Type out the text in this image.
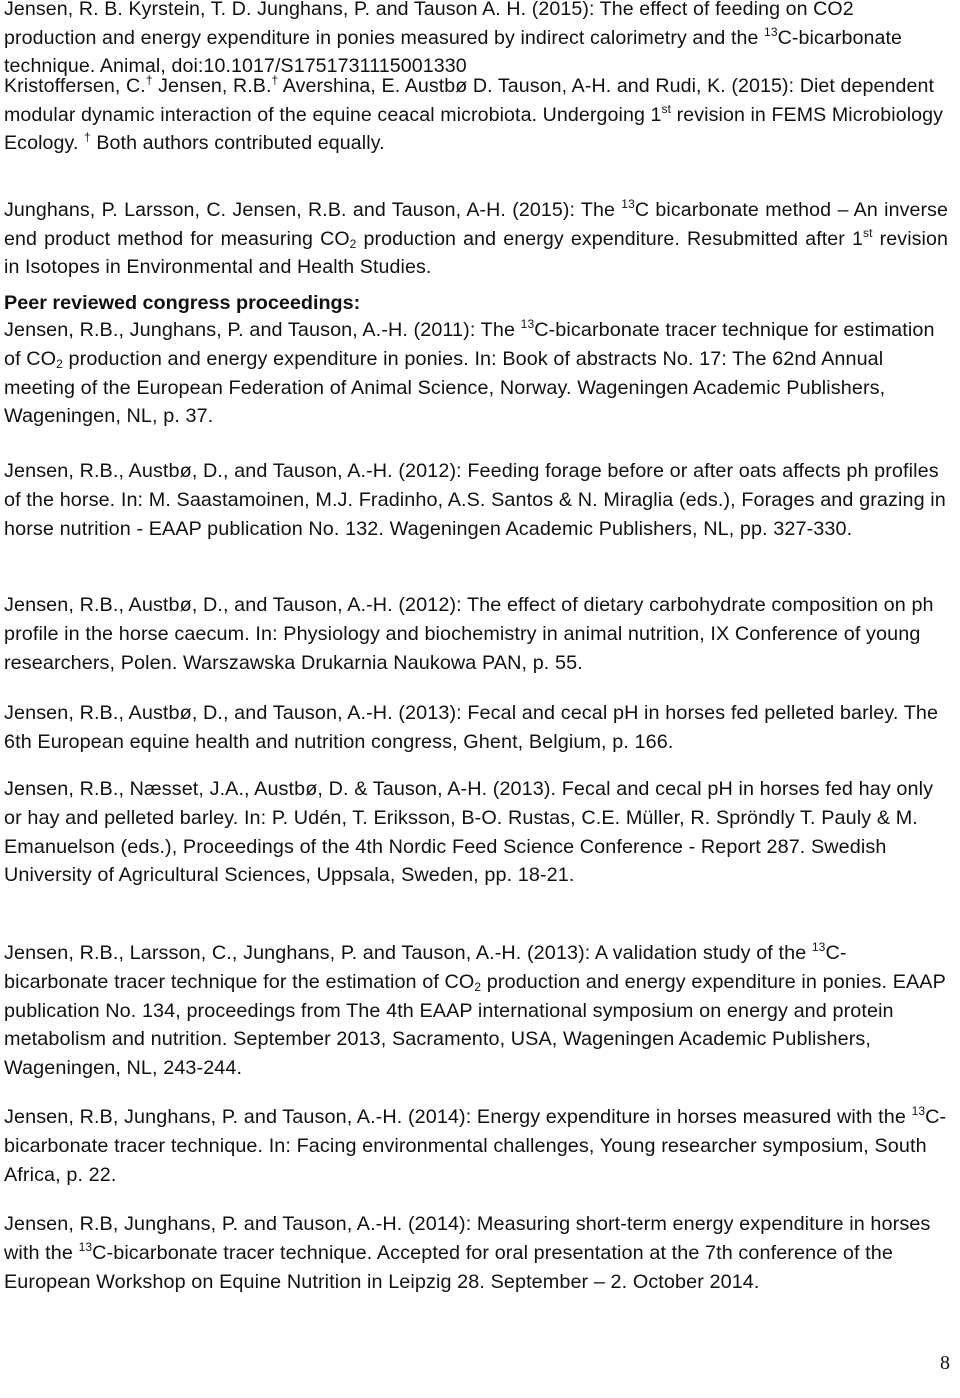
Jensen, R. B. Kyrstein, T. D. Junghans, P. and Tauson A. H. (2015): The effect of feeding on CO2 production and energy expenditure in ponies measured by indirect calorimetry and the $^{13}$C-bicarbonate technique. Animal, doi:10.1017/S1751731115001330

Kristoffersen, C.† Jensen, R.B.† Avershina, E. Austbø D. Tauson, A-H. and Rudi, K. (2015): Diet dependent modular dynamic interaction of the equine ceacal microbiota. Undergoing 1st revision in FEMS Microbiology Ecology. † Both authors contributed equally.

Junghans, P. Larsson, C. Jensen, R.B. and Tauson, A-H. (2015): The $^{13}$C bicarbonate method – An inverse end product method for measuring $CO_2$ production and energy expenditure. Resubmitted after 1st revision in Isotopes in Environmental and Health Studies.

Peer reviewed congress proceedings:

Jensen, R.B., Junghans, P. and Tauson, A.-H. (2011): The $^{13}$C-bicarbonate tracer technique for estimation of $CO_2$ production and energy expenditure in ponies. In: Book of abstracts No. 17: The 62nd Annual meeting of the European Federation of Animal Science, Norway. Wageningen Academic Publishers, Wageningen, NL, p. 37.

Jensen, R.B., Austbø, D., and Tauson, A.-H. (2012): Feeding forage before or after oats affects ph profiles of the horse. In: M. Saastamoinen, M.J. Fradinho, A.S. Santos & N. Miraglia (eds.), Forages and grazing in horse nutrition - EAAP publication No. 132. Wageningen Academic Publishers, NL, pp. 327-330.

Jensen, R.B., Austbø, D., and Tauson, A.-H. (2012): The effect of dietary carbohydrate composition on ph profile in the horse caecum. In: Physiology and biochemistry in animal nutrition, IX Conference of young researchers, Polen. Warszawska Drukarnia Naukowa PAN, p. 55.

Jensen, R.B., Austbø, D., and Tauson, A.-H. (2013): Fecal and cecal pH in horses fed pelleted barley. The 6th European equine health and nutrition congress, Ghent, Belgium, p. 166.

Jensen, R.B., Næsset, J.A., Austbø, D. & Tauson, A-H. (2013). Fecal and cecal pH in horses fed hay only or hay and pelleted barley. In: P. Udén, T. Eriksson, B-O. Rustas, C.E. Müller, R. Spröndly T. Pauly & M. Emanuelson (eds.), Proceedings of the 4th Nordic Feed Science Conference - Report 287. Swedish University of Agricultural Sciences, Uppsala, Sweden, pp. 18-21.

Jensen, R.B., Larsson, C., Junghans, P. and Tauson, A.-H. (2013): A validation study of the $^{13}$C-bicarbonate tracer technique for the estimation of $CO_2$ production and energy expenditure in ponies. EAAP publication No. 134, proceedings from The 4th EAAP international symposium on energy and protein metabolism and nutrition. September 2013, Sacramento, USA, Wageningen Academic Publishers, Wageningen, NL, 243-244.

Jensen, R.B, Junghans, P. and Tauson, A.-H. (2014): Energy expenditure in horses measured with the $^{13}$C-bicarbonate tracer technique. In: Facing environmental challenges, Young researcher symposium, South Africa, p. 22.

Jensen, R.B, Junghans, P. and Tauson, A.-H. (2014): Measuring short-term energy expenditure in horses with the $^{13}$C-bicarbonate tracer technique. Accepted for oral presentation at the 7th conference of the European Workshop on Equine Nutrition in Leipzig 28. September – 2. October 2014.

8
